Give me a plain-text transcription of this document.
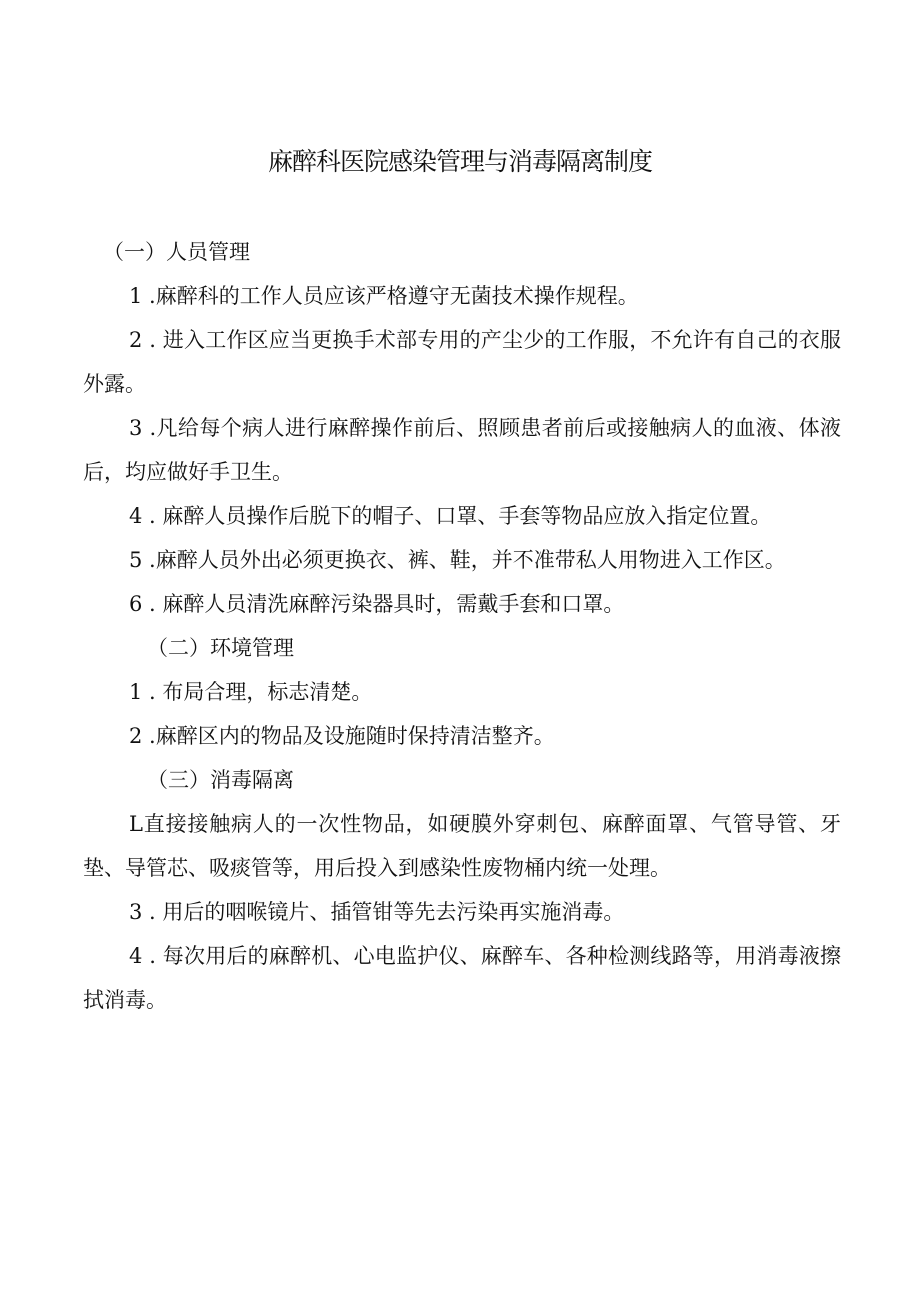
麻醉科医院感染管理与消毒隔离制度

（一）人员管理

1 .麻醉科的工作人员应该严格遵守无菌技术操作规程。

2 . 进入工作区应当更换手术部专用的产尘少的工作服，不允许有自己的衣服外露。

3 .凡给每个病人进行麻醉操作前后、照顾患者前后或接触病人的血液、体液后，均应做好手卫生。

4 . 麻醉人员操作后脱下的帽子、口罩、手套等物品应放入指定位置。

5 .麻醉人员外出必须更换衣、裤、鞋，并不准带私人用物进入工作区。

6 . 麻醉人员清洗麻醉污染器具时，需戴手套和口罩。

（二）环境管理

1 . 布局合理，标志清楚。

2 .麻醉区内的物品及设施随时保持清洁整齐。

（三）消毒隔离

L直接接触病人的一次性物品，如硬膜外穿刺包、麻醉面罩、气管导管、牙垫、导管芯、吸痰管等，用后投入到感染性废物桶内统一处理。

3 . 用后的咽喉镜片、插管钳等先去污染再实施消毒。

4 . 每次用后的麻醉机、心电监护仪、麻醉车、各种检测线路等，用消毒液擦拭消毒。
